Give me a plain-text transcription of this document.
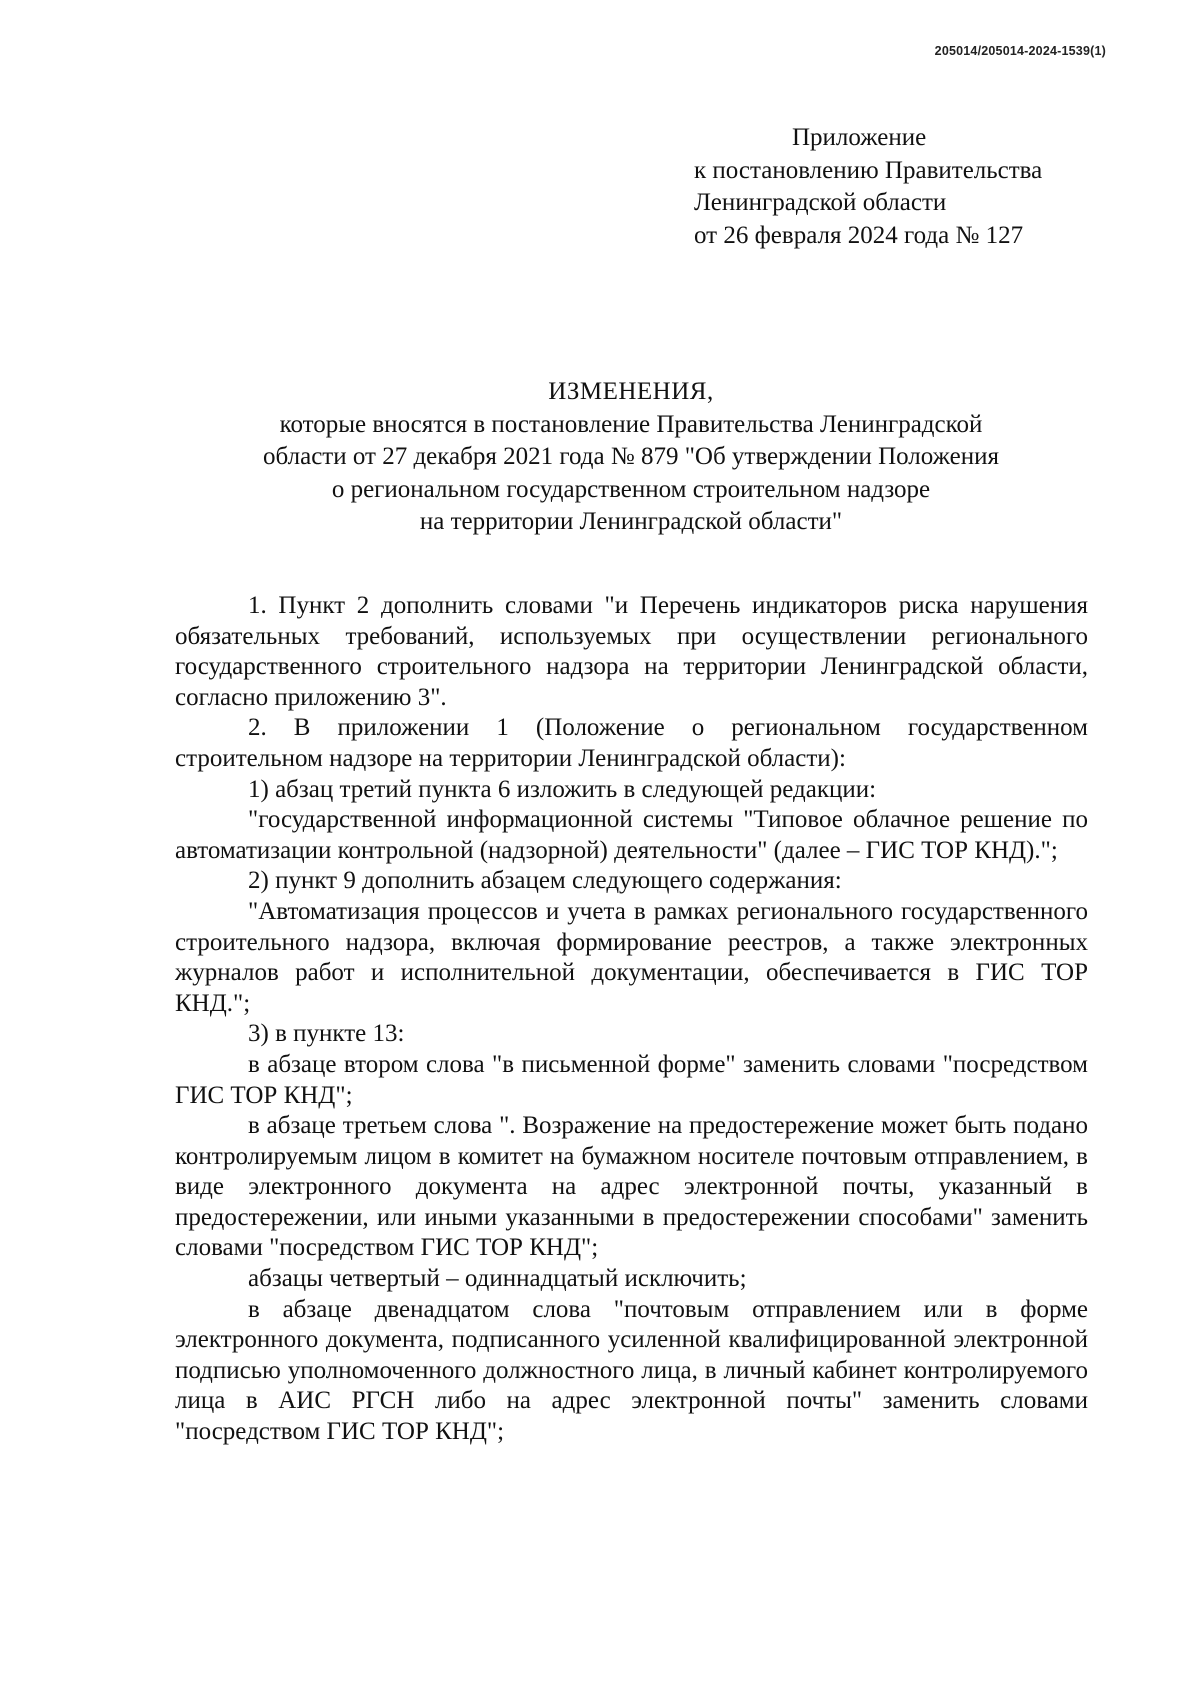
205014/205014-2024-1539(1)
Приложение
к постановлению Правительства
Ленинградской области
от 26 февраля 2024 года № 127
ИЗМЕНЕНИЯ,
которые вносятся в постановление Правительства Ленинградской
области от 27 декабря 2021 года № 879 "Об утверждении Положения
о региональном государственном строительном надзоре
на территории Ленинградской области"

1. Пункт 2 дополнить словами "и Перечень индикаторов риска нарушения обязательных требований, используемых при осуществлении регионального государственного строительного надзора на территории Ленинградской области, согласно приложению 3".

2. В приложении 1 (Положение о региональном государственном строительном надзоре на территории Ленинградской области):

1) абзац третий пункта 6 изложить в следующей редакции:

"государственной информационной системы "Типовое облачное решение по автоматизации контрольной (надзорной) деятельности" (далее – ГИС ТОР КНД).";

2) пункт 9 дополнить абзацем следующего содержания:

"Автоматизация процессов и учета в рамках регионального государственного строительного надзора, включая формирование реестров, а также электронных журналов работ и исполнительной документации, обеспечивается в ГИС ТОР КНД.";

3) в пункте 13:

в абзаце втором слова "в письменной форме" заменить словами "посредством ГИС ТОР КНД";

в абзаце третьем слова ". Возражение на предостережение может быть подано контролируемым лицом в комитет на бумажном носителе почтовым отправлением, в виде электронного документа на адрес электронной почты, указанный в предостережении, или иными указанными в предостережении способами" заменить словами "посредством ГИС ТОР КНД";

абзацы четвертый – одиннадцатый исключить;

в абзаце двенадцатом слова "почтовым отправлением или в форме электронного документа, подписанного усиленной квалифицированной электронной подписью уполномоченного должностного лица, в личный кабинет контролируемого лица в АИС РГСН либо на адрес электронной почты" заменить словами "посредством ГИС ТОР КНД";
